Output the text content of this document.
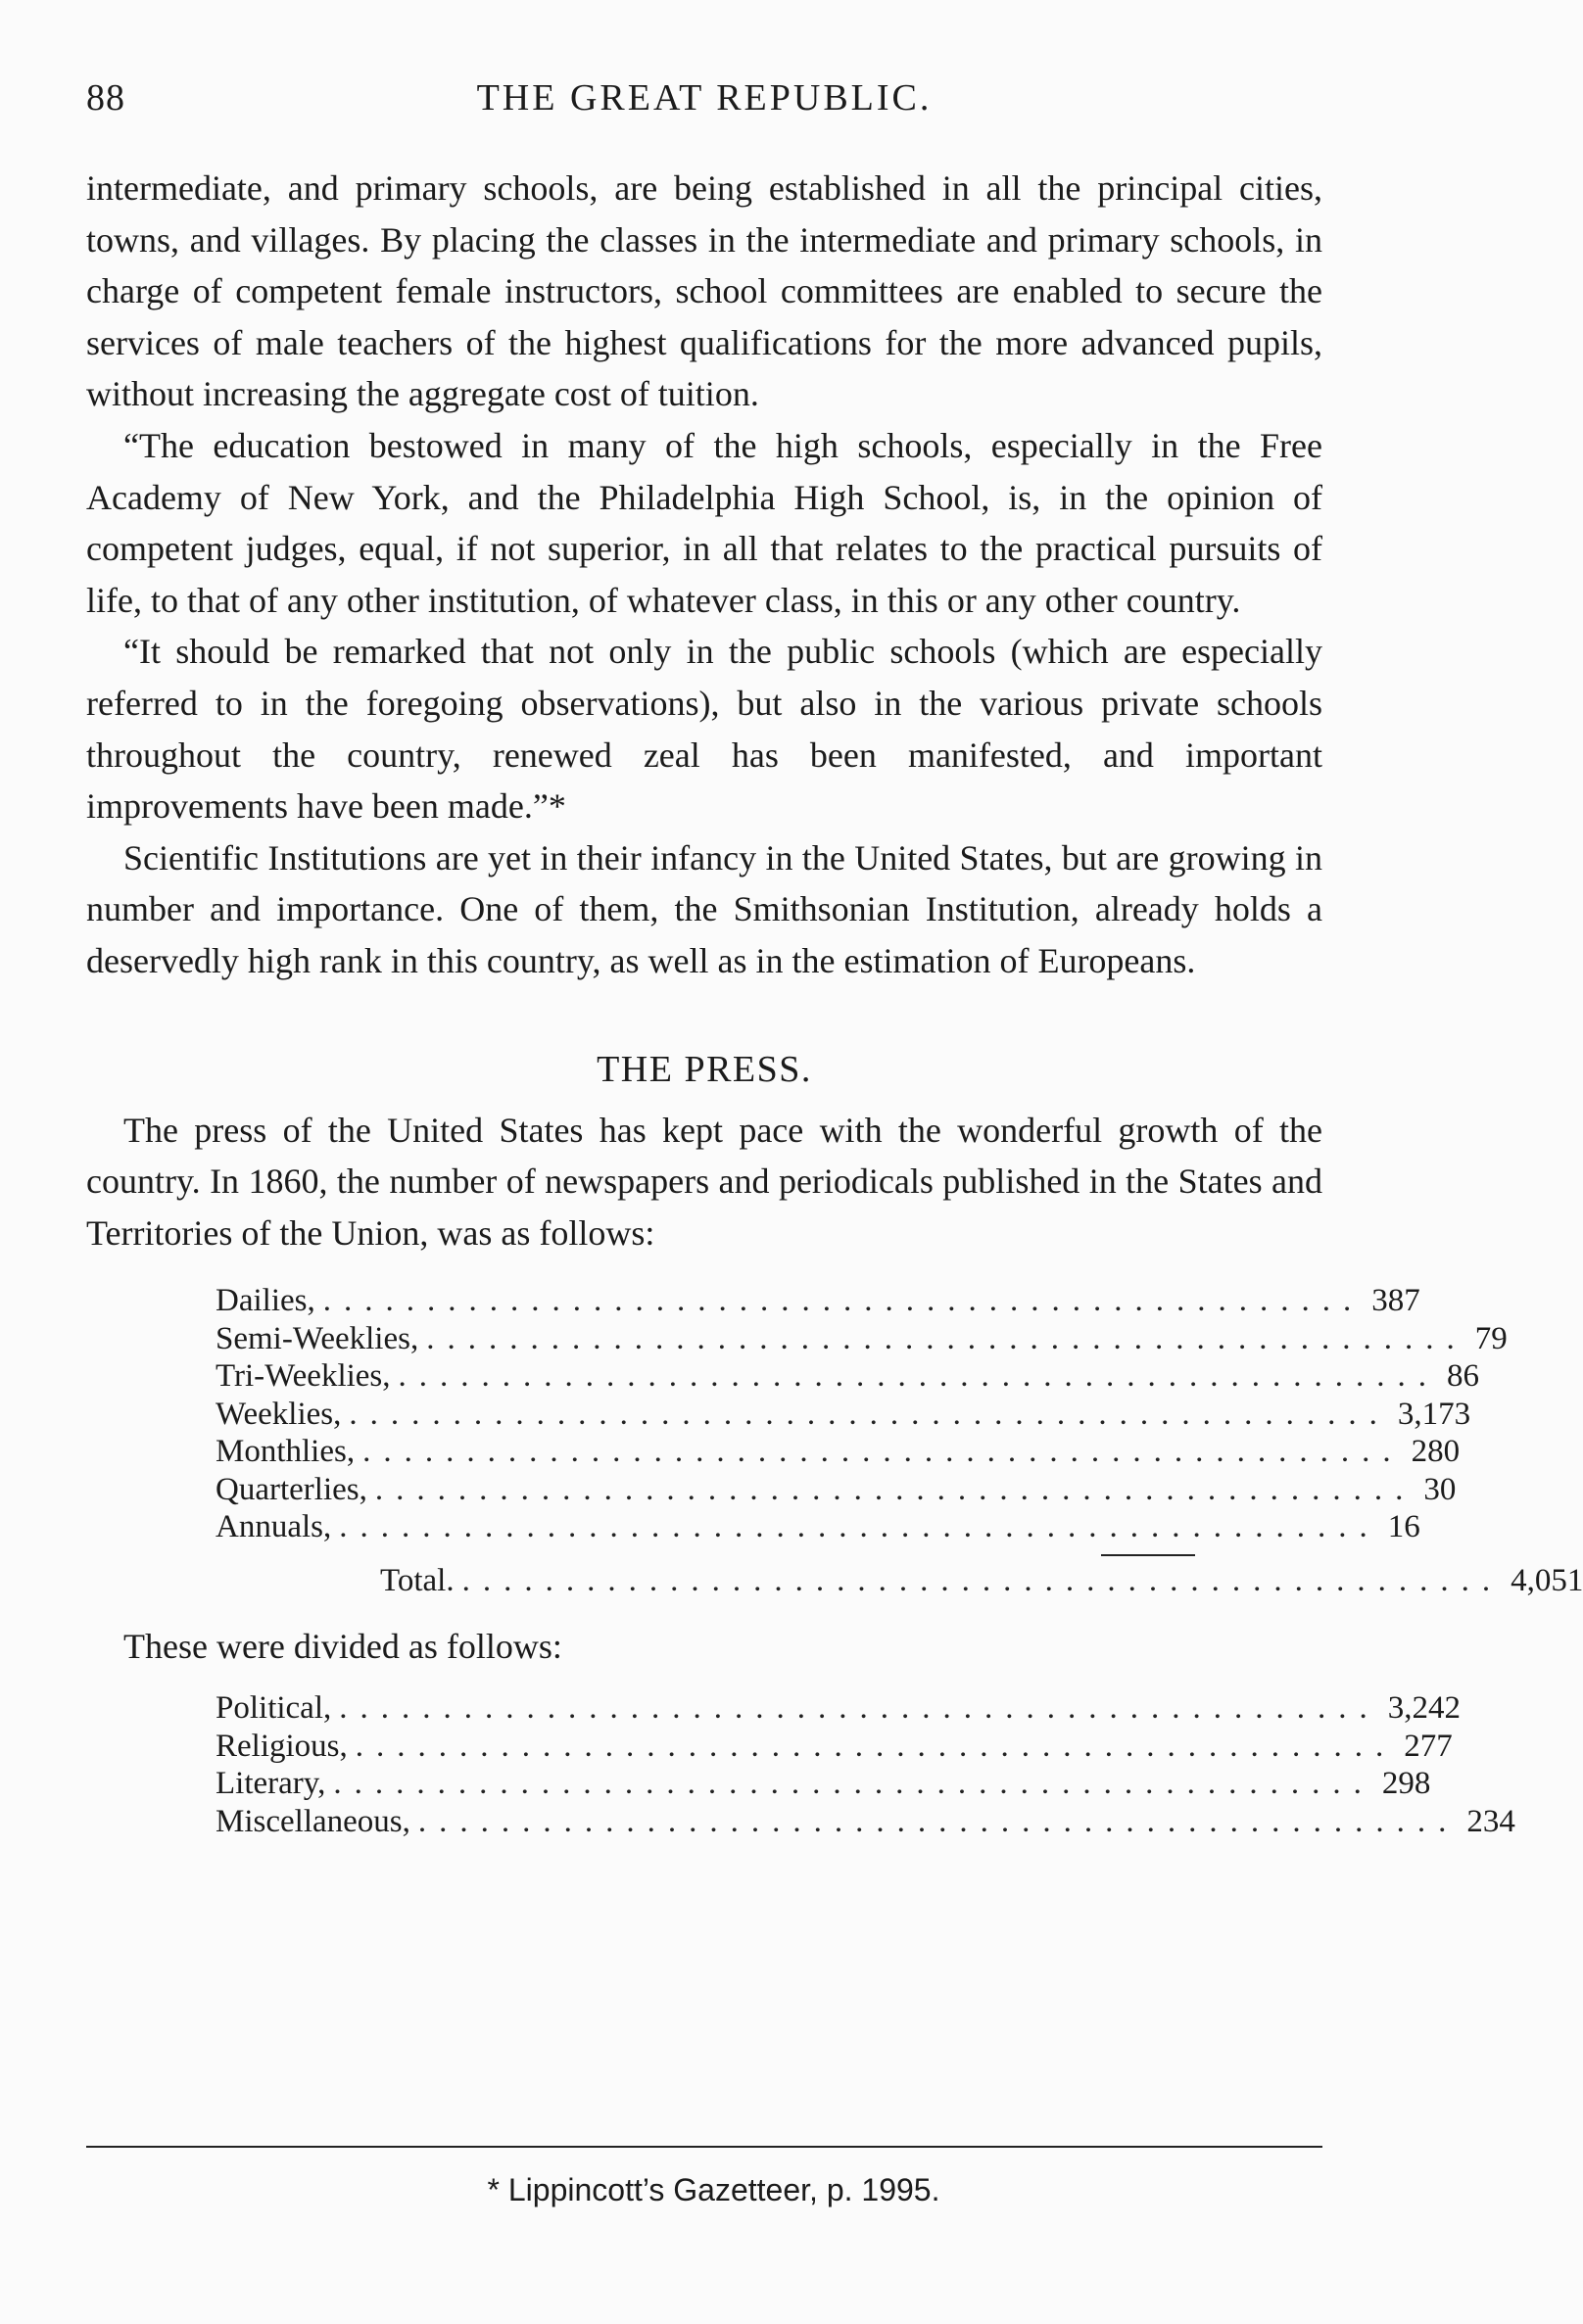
88	THE GREAT REPUBLIC.

intermediate, and primary schools, are being established in all the principal cities, towns, and villages. By placing the classes in the intermediate and primary schools, in charge of competent female instructors, school committees are enabled to secure the services of male teachers of the highest qualifications for the more advanced pupils, without increasing the aggregate cost of tuition.

“The education bestowed in many of the high schools, especially in the Free Academy of New York, and the Philadelphia High School, is, in the opinion of competent judges, equal, if not superior, in all that relates to the practical pursuits of life, to that of any other institution, of whatever class, in this or any other country.

“It should be remarked that not only in the public schools (which are especially referred to in the foregoing observations), but also in the various private schools throughout the country, renewed zeal has been manifested, and important improvements have been made.”*

Scientific Institutions are yet in their infancy in the United States, but are growing in number and importance. One of them, the Smithsonian Institution, already holds a deservedly high rank in this country, as well as in the estimation of Europeans.

THE PRESS.

The press of the United States has kept pace with the wonderful growth of the country. In 1860, the number of newspapers and periodicals published in the States and Territories of the Union, was as follows:

Dailies, .................................................. 387
Semi-Weeklies, .................................................. 79
Tri-Weeklies, .................................................. 86
Weeklies, .................................................. 3,173
Monthlies, .................................................. 280
Quarterlies, .................................................. 30
Annuals, .................................................. 16
Total. .................................................. 4,051
These were divided as follows:
Political, .................................................. 3,242
Religious, .................................................. 277
Literary, .................................................. 298
Miscellaneous, .................................................. 234
* Lippincott’s Gazetteer, p. 1995.
